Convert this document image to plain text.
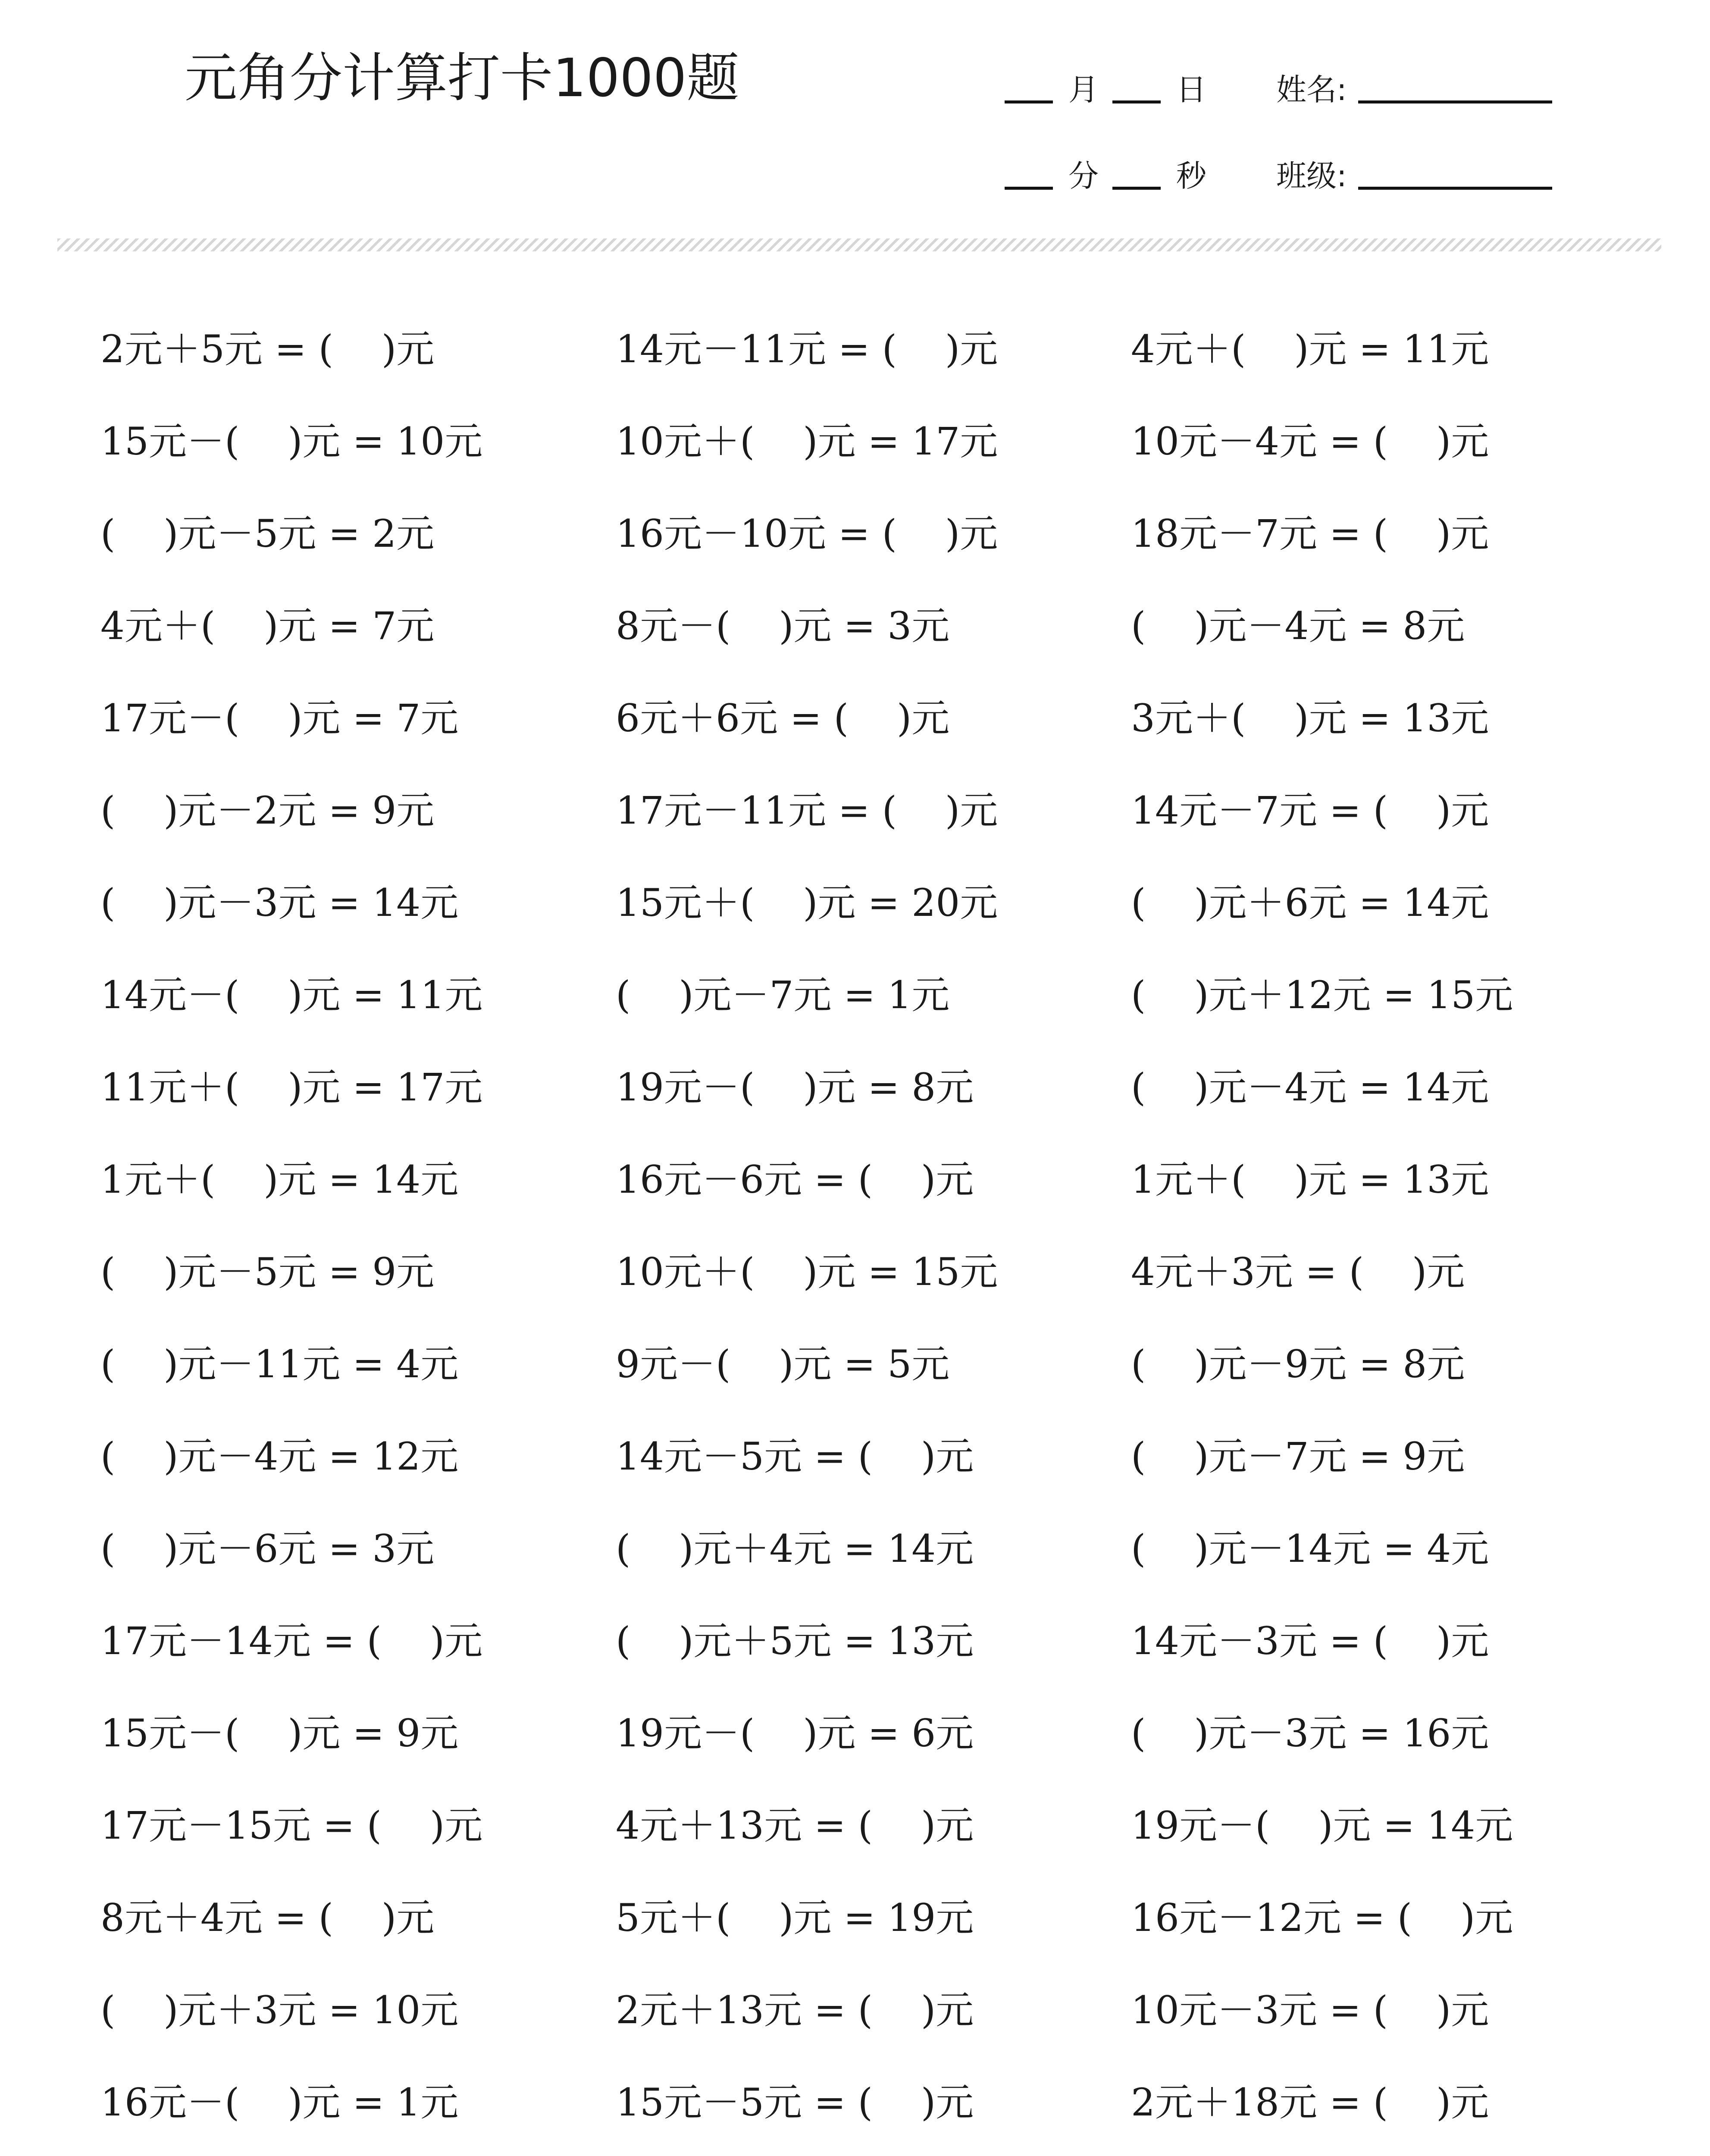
元角分计算打卡1000题	月	日 姓名:
分	秒 班级:
2元＋5元 = (    )元	14元－11元 = (    )元	4元＋(    )元 = 11元
15元－(    )元 = 10元	10元＋(    )元 = 17元	10元－4元 = (    )元
(    )元－5元 = 2元	16元－10元 = (    )元	18元－7元 = (    )元
4元＋(    )元 = 7元	8元－(    )元 = 3元	(    )元－4元 = 8元
17元－(    )元 = 7元	6元＋6元 = (    )元	3元＋(    )元 = 13元
(    )元－2元 = 9元	17元－11元 = (    )元	14元－7元 = (    )元
(    )元－3元 = 14元	15元＋(    )元 = 20元	(    )元＋6元 = 14元
14元－(    )元 = 11元	(    )元－7元 = 1元	(    )元＋12元 = 15元
11元＋(    )元 = 17元	19元－(    )元 = 8元	(    )元－4元 = 14元
1元＋(    )元 = 14元	16元－6元 = (    )元	1元＋(    )元 = 13元
(    )元－5元 = 9元	10元＋(    )元 = 15元	4元＋3元 = (    )元
(    )元－11元 = 4元	9元－(    )元 = 5元	(    )元－9元 = 8元
(    )元－4元 = 12元	14元－5元 = (    )元	(    )元－7元 = 9元
(    )元－6元 = 3元	(    )元＋4元 = 14元	(    )元－14元 = 4元
17元－14元 = (    )元	(    )元＋5元 = 13元	14元－3元 = (    )元
15元－(    )元 = 9元	19元－(    )元 = 6元	(    )元－3元 = 16元
17元－15元 = (    )元	4元＋13元 = (    )元	19元－(    )元 = 14元
8元＋4元 = (    )元	5元＋(    )元 = 19元	16元－12元 = (    )元
(    )元＋3元 = 10元	2元＋13元 = (    )元	10元－3元 = (    )元
16元－(    )元 = 1元	15元－5元 = (    )元	2元＋18元 = (    )元
